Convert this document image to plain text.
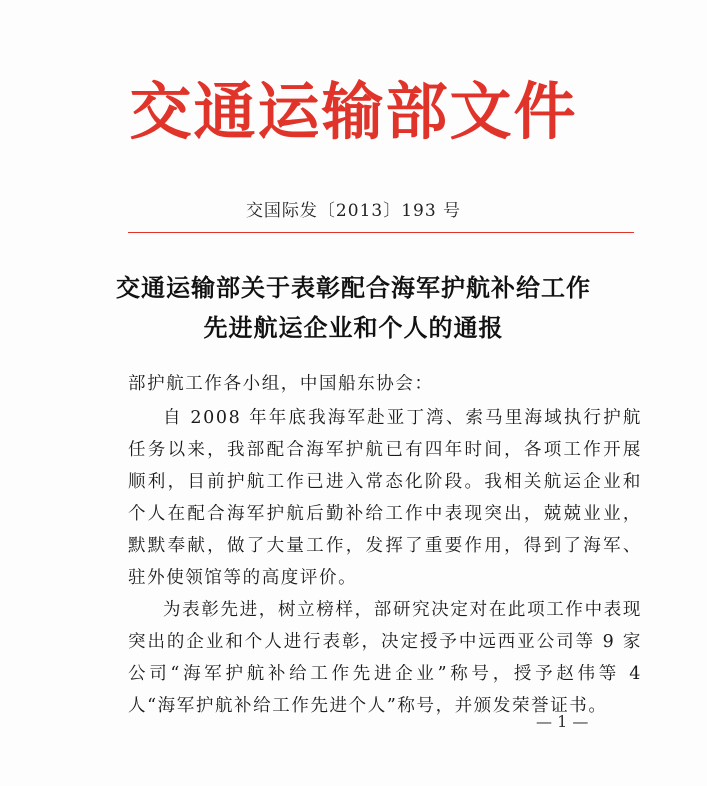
交通运输部文件
交国际发〔2013〕193 号
交通运输部关于表彰配合海军护航补给工作
先进航运企业和个人的通报

部护航工作各小组，中国船东协会：

自 2008 年年底我海军赴亚丁湾、索马里海域执行护航任务以来，我部配合海军护航已有四年时间，各项工作开展顺利，目前护航工作已进入常态化阶段。我相关航运企业和个人在配合海军护航后勤补给工作中表现突出，兢兢业业，默默奉献，做了大量工作，发挥了重要作用，得到了海军、驻外使领馆等的高度评价。

为表彰先进，树立榜样，部研究决定对在此项工作中表现突出的企业和个人进行表彰，决定授予中远西亚公司等 9 家公司“海军护航补给工作先进企业”称号，授予赵伟等 4 人“海军护航补给工作先进个人”称号，并颁发荣誉证书。

— 1 —
